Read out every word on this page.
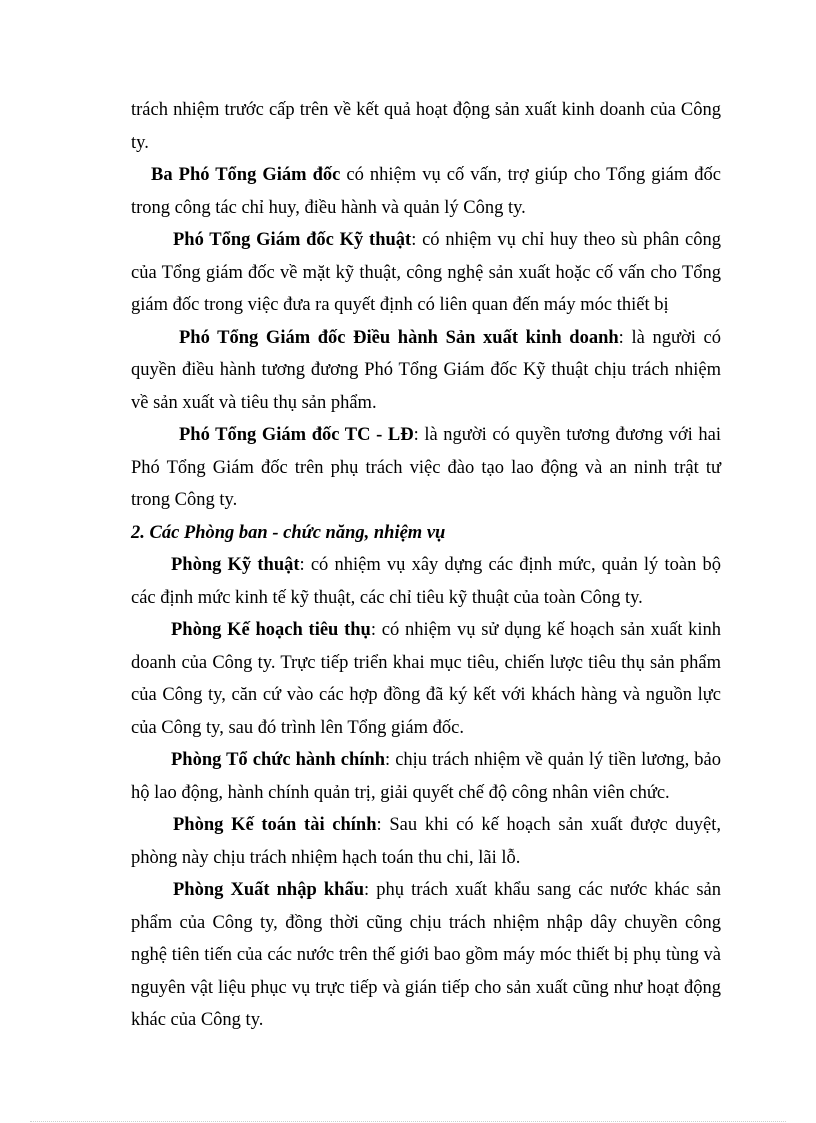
trách nhiệm trước cấp trên về kết quả hoạt động sản xuất kinh doanh của Công ty.

Ba Phó Tổng Giám đốc có nhiệm vụ cố vấn, trợ giúp cho Tổng giám đốc trong công tác chỉ huy, điều hành và quản lý Công ty.

Phó Tổng Giám đốc Kỹ thuật: có nhiệm vụ chỉ huy theo sù phân công của Tổng giám đốc về mặt kỹ thuật, công nghệ sản xuất hoặc cố vấn cho Tổng giám đốc trong việc đưa ra quyết định có liên quan đến máy móc thiết bị

Phó Tổng Giám đốc Điều hành Sản xuất kinh doanh: là người có quyền điều hành tương đương Phó Tổng Giám đốc Kỹ thuật chịu trách nhiệm về sản xuất và tiêu thụ sản phẩm.

Phó Tổng Giám đốc TC - LĐ: là người có quyền tương đương với hai Phó Tổng Giám đốc trên phụ trách việc đào tạo lao động và an ninh trật tư trong Công ty.

2. Các Phòng ban - chức năng, nhiệm vụ

Phòng Kỹ thuật: có nhiệm vụ xây dựng các định mức, quản lý toàn bộ các định mức kinh tế kỹ thuật, các chỉ tiêu kỹ thuật của toàn Công ty.

Phòng Kế hoạch tiêu thụ: có nhiệm vụ sử dụng kế hoạch sản xuất kinh doanh của Công ty. Trực tiếp triển khai mục tiêu, chiến lược tiêu thụ sản phẩm của Công ty, căn cứ vào các hợp đồng đã ký kết với khách hàng và nguồn lực của Công ty, sau đó trình lên Tổng giám đốc.

Phòng Tổ chức hành chính: chịu trách nhiệm về quản lý tiền lương, bảo hộ lao động, hành chính quản trị, giải quyết chế độ công nhân viên chức.

Phòng Kế toán tài chính: Sau khi có kế hoạch sản xuất được duyệt, phòng này chịu trách nhiệm hạch toán thu chi, lãi lỗ.

Phòng Xuất nhập khẩu: phụ trách xuất khẩu sang các nước khác sản phẩm của Công ty, đồng thời cũng chịu trách nhiệm nhập dây chuyền công nghệ tiên tiến của các nước trên thế giới bao gồm máy móc thiết bị phụ tùng và nguyên vật liệu phục vụ trực tiếp và gián tiếp cho sản xuất cũng như hoạt động khác của Công ty.
